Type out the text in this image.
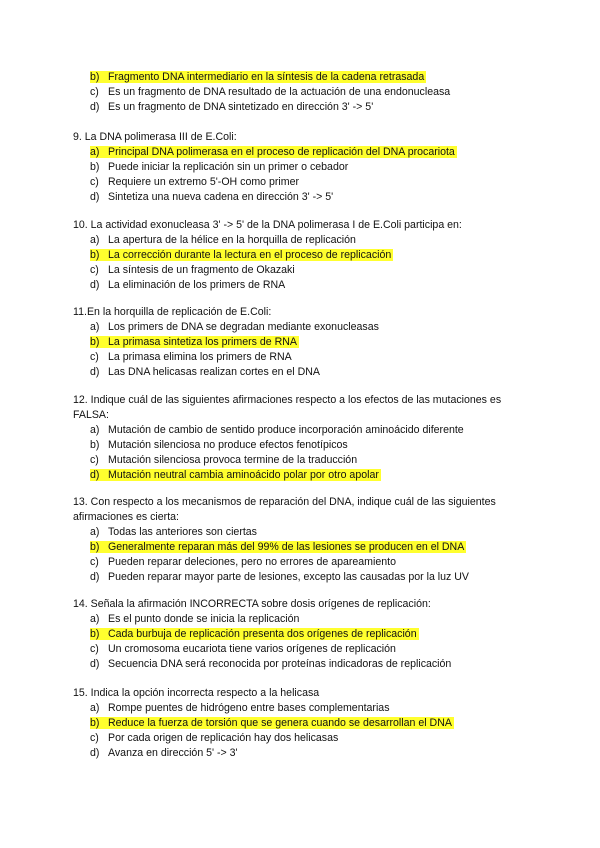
b) Fragmento DNA intermediario en la síntesis de la cadena retrasada
c) Es un fragmento de DNA resultado de la actuación de una endonucleasa
d) Es un fragmento de DNA sintetizado en dirección 3' -> 5'
9. La DNA polimerasa III de E.Coli:
a) Principal DNA polimerasa en el proceso de replicación del DNA procariota
b) Puede iniciar la replicación sin un primer o cebador
c) Requiere un extremo 5'-OH como primer
d) Sintetiza una nueva cadena en dirección 3' -> 5'
10. La actividad exonucleasa 3' -> 5' de la DNA polimerasa I de E.Coli participa en:
a) La apertura de la hélice en la horquilla de replicación
b) La corrección durante la lectura en el proceso de replicación
c) La síntesis de un fragmento de Okazaki
d) La eliminación de los primers de RNA
11.En la horquilla de replicación de E.Coli:
a) Los primers de DNA se degradan mediante exonucleasas
b) La primasa sintetiza los primers de RNA
c) La primasa elimina los primers de RNA
d) Las DNA helicasas realizan cortes en el DNA
12. Indique cuál de las siguientes afirmaciones respecto a los efectos de las mutaciones es
FALSA:
a) Mutación de cambio de sentido produce incorporación aminoácido diferente
b) Mutación silenciosa no produce efectos fenotípicos
c) Mutación silenciosa provoca termine de la traducción
d) Mutación neutral cambia aminoácido polar por otro apolar
13. Con respecto a los mecanismos de reparación del DNA, indique cuál de las siguientes
afirmaciones es cierta:
a) Todas las anteriores son ciertas
b) Generalmente reparan más del 99% de las lesiones se producen en el DNA
c) Pueden reparar deleciones, pero no errores de apareamiento
d) Pueden reparar mayor parte de lesiones, excepto las causadas por la luz UV
14. Señala la afirmación INCORRECTA sobre dosis orígenes de replicación:
a) Es el punto donde se inicia la replicación
b) Cada burbuja de replicación presenta dos orígenes de replicación
c) Un cromosoma eucariota tiene varios orígenes de replicación
d) Secuencia DNA será reconocida por proteínas indicadoras de replicación
15. Indica la opción incorrecta respecto a la helicasa
a) Rompe puentes de hidrógeno entre bases complementarias
b) Reduce la fuerza de torsión que se genera cuando se desarrollan el DNA
c) Por cada origen de replicación hay dos helicasas
d) Avanza en dirección 5' -> 3'
